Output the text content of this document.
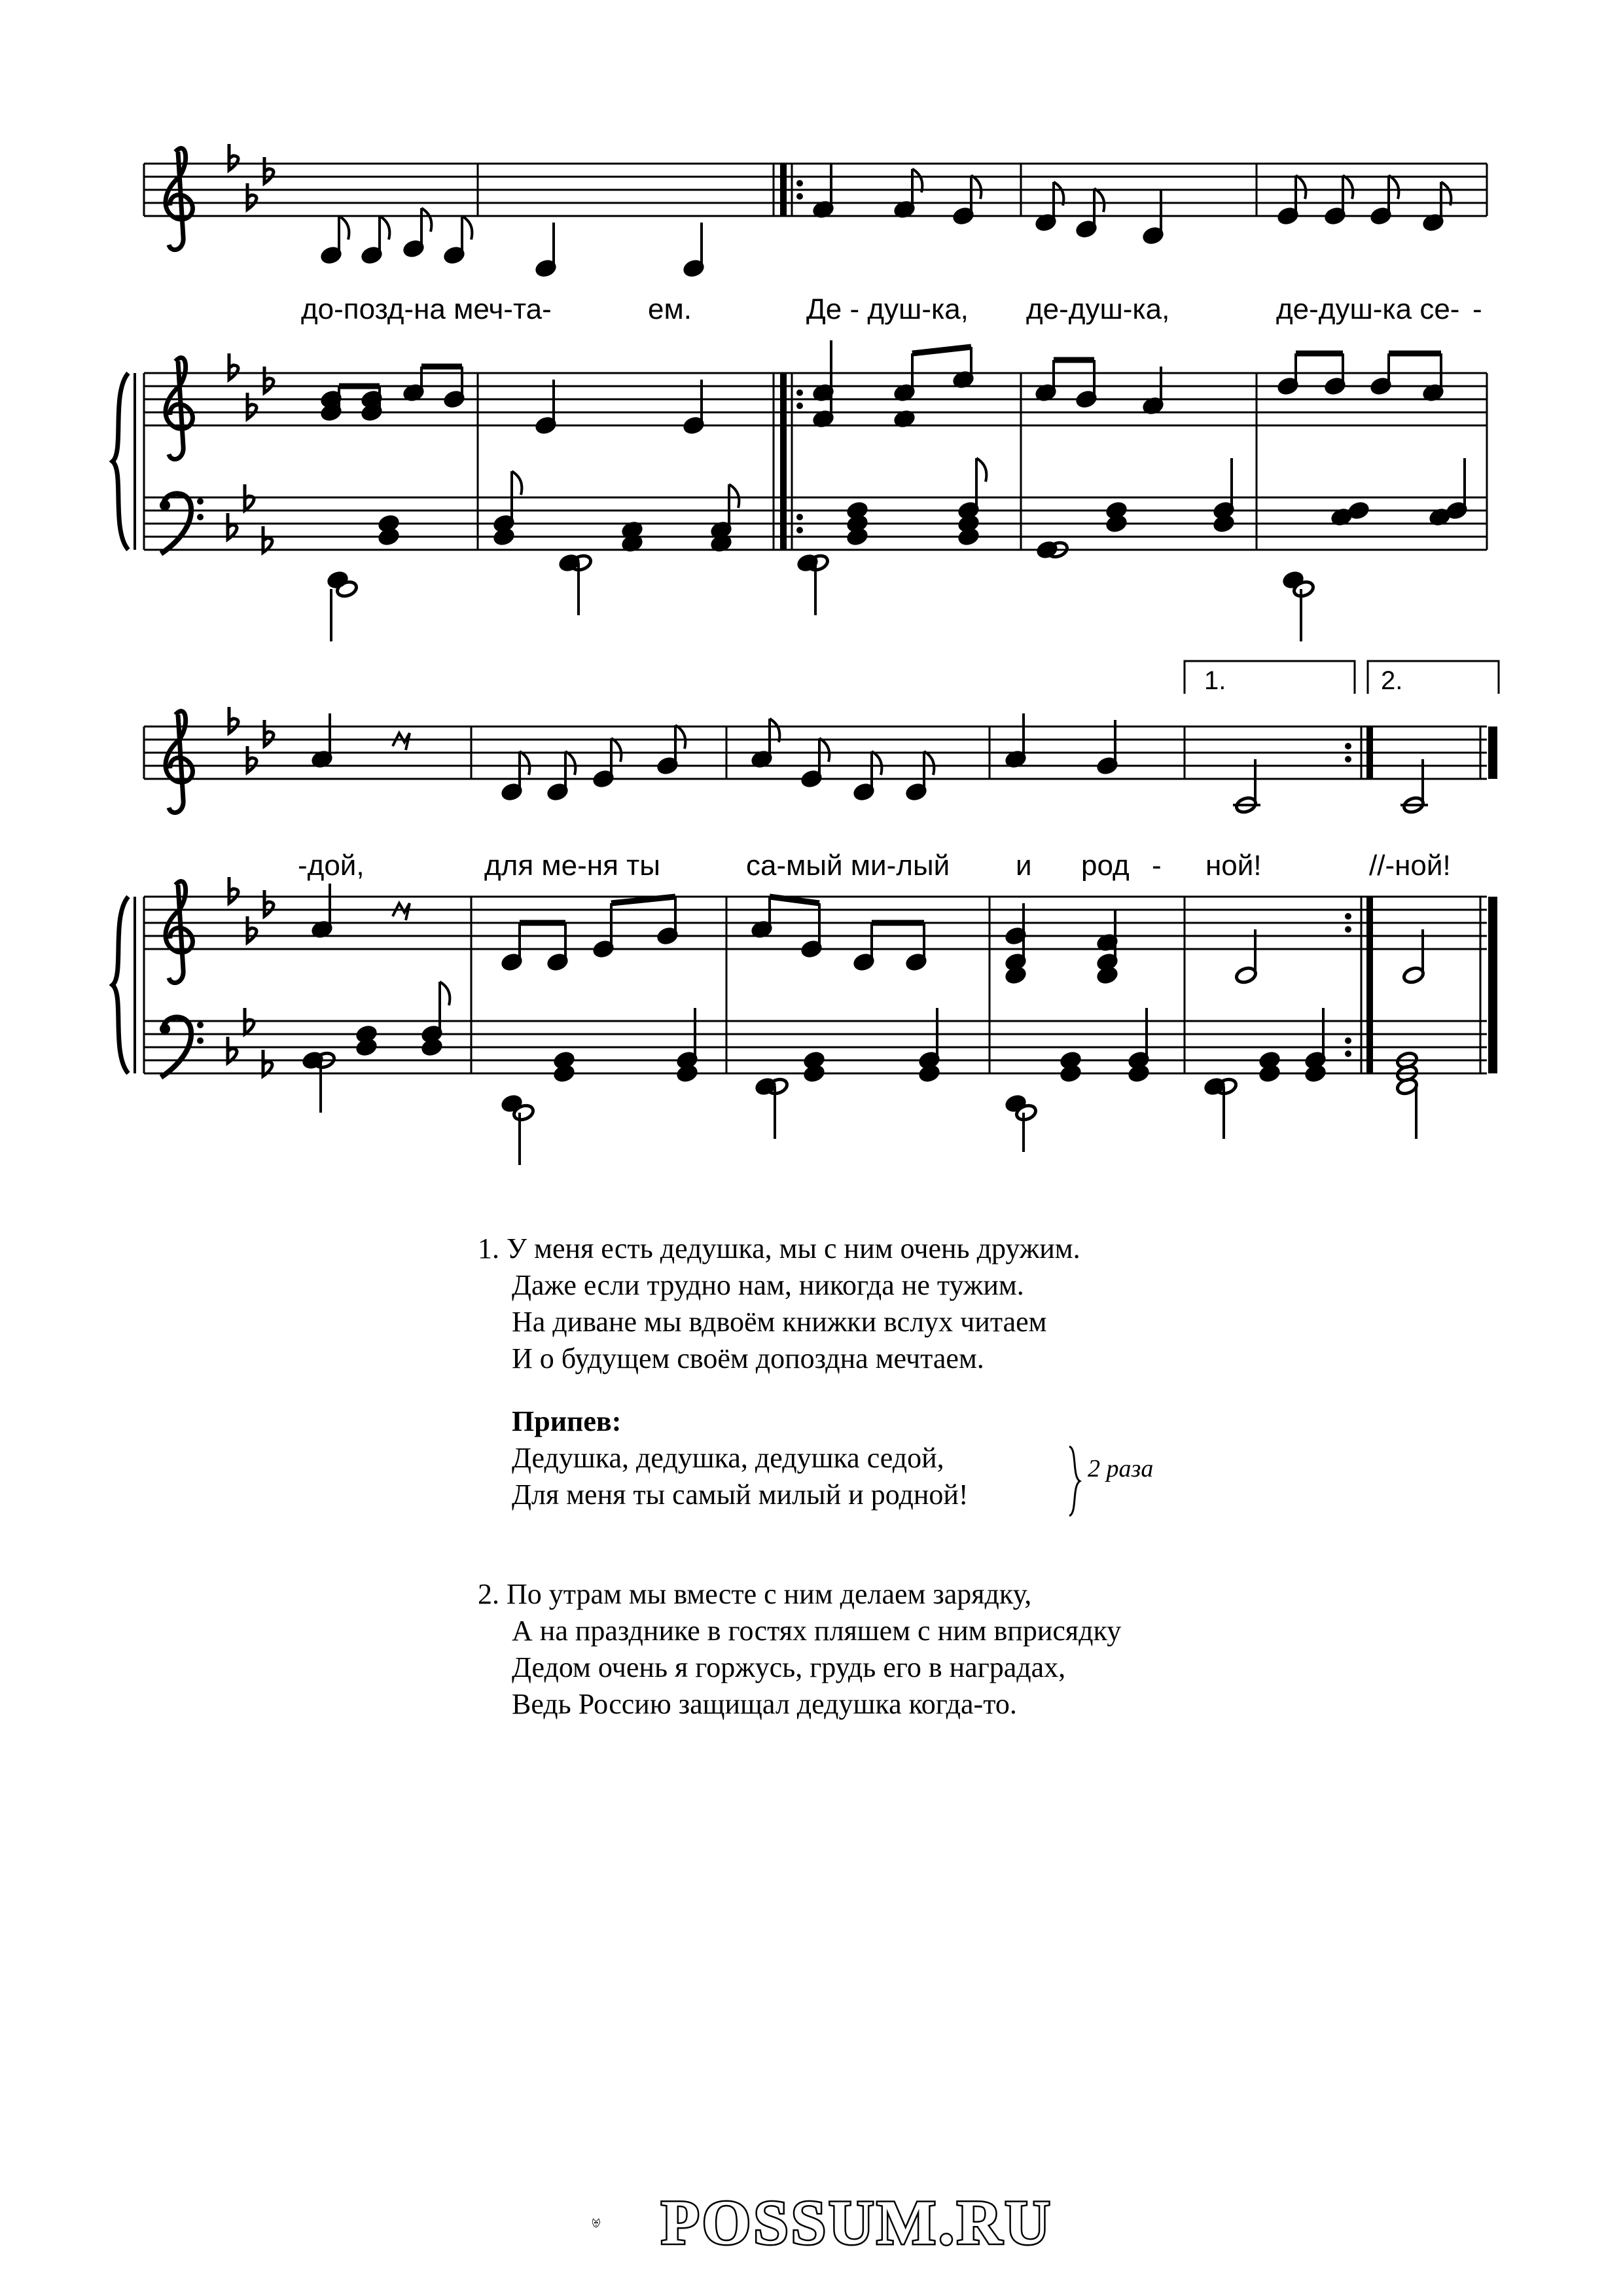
до-позд-на меч-та-	ем.	Де - душ-ка, де-душ-ка,	де-душ-ка се- -
1.	2.
-дой,	для ме-ня ты	са-мый ми-лый и род - ной!	//-ной!
1. У меня есть дедушка, мы с ним очень дружим.
Даже если трудно нам, никогда не тужим.
На диване мы вдвоём книжки вслух читаем
И о будущем своём допоздна мечтаем.
Припев:
Дедушка, дедушка, дедушка седой,
Для меня ты самый милый и родной!
2. По утрам мы вместе с ним делаем зарядку,
А на празднике в гостях пляшем с ним вприсядку
Дедом очень я горжусь, грудь его в наградах,
Ведь Россию защищал дедушка когда-то.
2 раза
POSSUM.RU
